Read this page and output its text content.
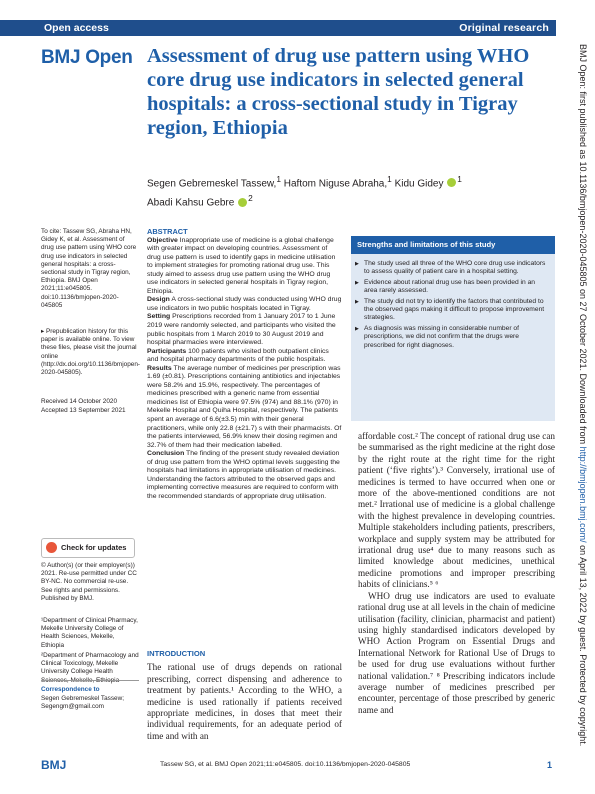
Open access	Original research
BMJ Open Assessment of drug use pattern using WHO core drug use indicators in selected general hospitals: a cross-sectional study in Tigray region, Ethiopia
Segen Gebremeskel Tassew,$^1$ Haftom Niguse Abraha,$^1$ Kidu Gidey $^1$
Abadi Kahsu Gebre $^2$
To cite: Tassew SG, Abraha HN, Gidey K, et al. Assessment of drug use pattern using WHO core drug use indicators in selected general hospitals: a cross-sectional study in Tigray region, Ethiopia. BMJ Open 2021;11:e045805. doi:10.1136/bmjopen-2020-045805
▸ Prepublication history for this paper is available online. To view these files, please visit the journal online (http://dx.doi.org/10.1136/bmjopen-2020-045805).
Received 14 October 2020
Accepted 13 September 2021
Check for updates
© Author(s) (or their employer(s)) 2021. Re-use permitted under CC BY-NC. No commercial re-use. See rights and permissions. Published by BMJ.
¹Department of Clinical Pharmacy, Mekelle University College of Health Sciences, Mekelle, Ethiopia
²Department of Pharmacology and Clinical Toxicology, Mekelle University College Health
Correspondence to
Segen Gebremeskel Tassew;
Segengm@gmail.com
ABSTRACT
Objective Inappropriate use of medicine is a global challenge with greater impact on developing countries. Assessment of drug use pattern is used to identify gaps in medicine utilisation to implement strategies for promoting rational drug use. This study aimed to assess drug use pattern using the WHO drug use indicators in selected general hospitals in Tigray region, Ethiopia.
Design A cross-sectional study was conducted using WHO drug use indicators in two public hospitals located in Tigray.
Setting Prescriptions recorded from 1 January 2017 to 1 June 2019 were randomly selected, and participants who visited the public hospitals from 1 March 2019 to 30 August 2019 and hospital pharmacies were interviewed.
Participants 100 patients who visited both outpatient clinics and hospital pharmacy departments of the public hospitals.
Results The average number of medicines per prescription was 1.69 (±0.81). Prescriptions containing antibiotics and injectables were 58.2% and 15.9%, respectively. The percentages of medicines prescribed with a generic name from essential medicines list of Ethiopia were 97.5% (974) and 88.1% (970) in Mekelle Hospital and Quiha Hospital, respectively. The patients spent an average of 6.6(±3.5) min with their general practitioners, while only 22.8 (±21.7) s with their pharmacists. Of the patients interviewed, 56.9% knew their dosing regimen and 32.7% of them had their medication labelled.
Conclusion The finding of the present study revealed deviation of drug use pattern from the WHO optimal levels suggesting the hospitals had limitations in appropriate utilisation of medicines. Understanding the factors attributed to the observed gaps and implementing corrective measures are required to conform with the recommended standards of appropriate drug utilisation.
Strengths and limitations of this study
▶ The study used all three of the WHO core drug use indicators to assess quality of patient care in a hospital setting.
▶ Evidence about rational drug use has been provided in an area rarely assessed.
▶ The study did not try to identify the factors that contributed to the observed gaps making it difficult to propose improvement strategies.
▶ As diagnosis was missing in considerable number of prescriptions, we did not confirm that the drugs were prescribed for right diagnoses.
INTRODUCTION
The rational use of drugs depends on rational prescribing, correct dispensing and adherence to treatment by patients.¹ According to the WHO, a medicine is used rationally if patients received appropriate medicines, in doses that meet their individual requirements, for an adequate period of time and with an
affordable cost.² The concept of rational drug use can be summarised as the right medicine at the right dose by the right route at the right time for the right patient (‘five rights’).³ Conversely, irrational use of medicines is termed to have occurred when one or more of the above-mentioned conditions are not met.² Irrational use of medicine is a global challenge with the highest prevalence in developing countries. Multiple stakeholders including patients, prescribers, workplace and supply system may be attributed for irrational drug use⁴ due to many reasons such as limited knowledge about medicines, unethical medicine promotions and improper prescribing habits of clinicians.⁵ ⁶
WHO drug use indicators are used to evaluate rational drug use at all levels in the chain of medicine utilisation (facility, clinician, pharmacist and patient) using highly standardised indicators developed by WHO Action Program on Essential Drugs and International Network for Rational Use of Drugs to be used for drug use evaluations without further national validation.⁷ ⁸ Prescribing indicators include average number of medicines prescribed per encounter, percentage of those prescribed by generic name and
BMJ	Tassew SG, et al. BMJ Open 2021;11:e045805. doi:10.1136/bmjopen-2020-045805	1
BMJ Open: first published as 10.1136/bmjopen-2020-045805 on 27 October 2021. Downloaded from http://bmjopen.bmj.com/ on April 13, 2022 by guest. Protected by copyright.
